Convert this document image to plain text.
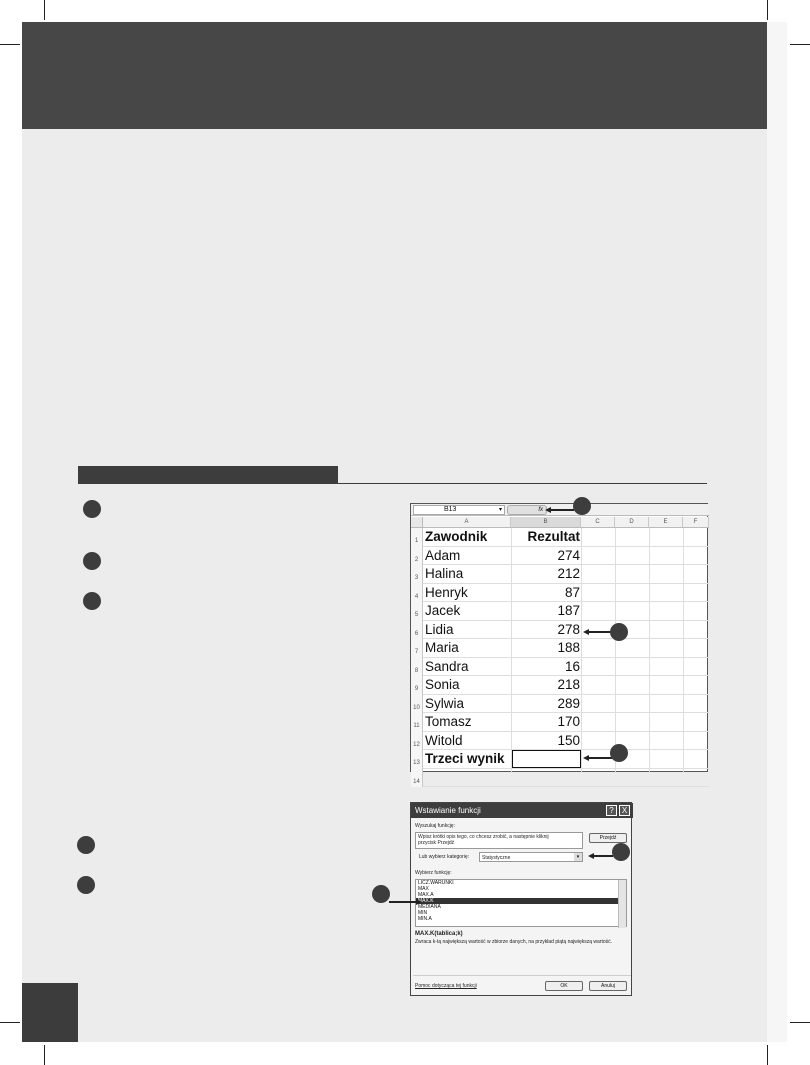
B13	▾	fx
A	B	C	D	E	F
1 Zawodnik	Rezultat
2 Adam	274
3 Halina	212
4 Henryk	87
5 Jacek	187
6 Lidia	278
7 Maria	188
8 Sandra	16
9 Sonia	218
10 Sylwia	289
11 Tomasz	170
12 Witold	150
13 Trzeci wynik
14
Wstawianie funkcji	?	X
Wyszukaj funkcję:
Wpisz krótki opis tego, co chcesz zrobić, a następnie kliknij przycisk Przejdź
Przejdź
Lub wybierz kategorię:	Statystyczne	▾
Wybierz funkcję:
LICZ.WARUNKI
MAX
MAX.A
MAX.K
MEDIANA
MIN
MIN.A
MAX.K(tablica;k)
Zwraca k-tą największą wartość w zbiorze danych, na przykład piątą największą wartość.
Pomoc dotycząca tej funkcji	OK	Anuluj
